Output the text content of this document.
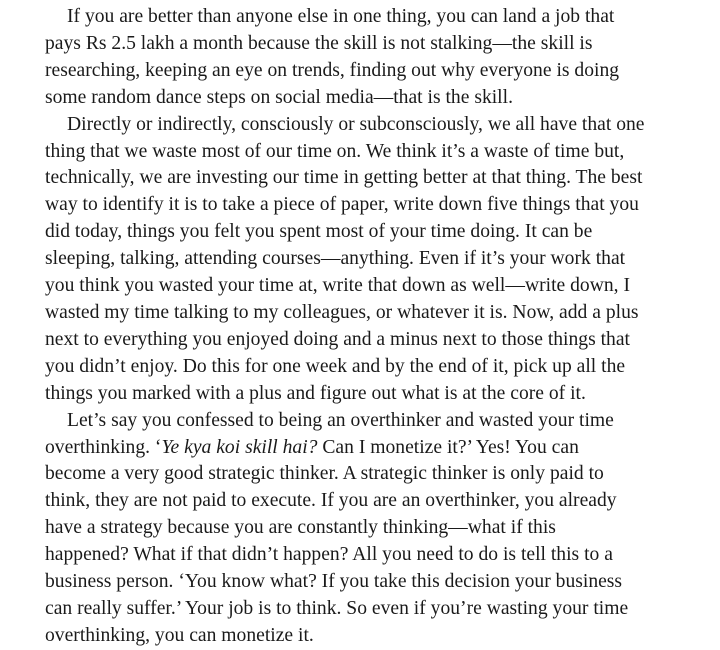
If you are better than anyone else in one thing, you can land a job that
pays Rs 2.5 lakh a month because the skill is not stalking—the skill is
researching, keeping an eye on trends, finding out why everyone is doing
some random dance steps on social media—that is the skill.

Directly or indirectly, consciously or subconsciously, we all have that one
thing that we waste most of our time on. We think it’s a waste of time but,
technically, we are investing our time in getting better at that thing. The best
way to identify it is to take a piece of paper, write down five things that you
did today, things you felt you spent most of your time doing. It can be
sleeping, talking, attending courses—anything. Even if it’s your work that
you think you wasted your time at, write that down as well—write down, I
wasted my time talking to my colleagues, or whatever it is. Now, add a plus
next to everything you enjoyed doing and a minus next to those things that
you didn’t enjoy. Do this for one week and by the end of it, pick up all the
things you marked with a plus and figure out what is at the core of it.

Let’s say you confessed to being an overthinker and wasted your time
overthinking. ‘Ye kya koi skill hai? Can I monetize it?’ Yes! You can
become a very good strategic thinker. A strategic thinker is only paid to
think, they are not paid to execute. If you are an overthinker, you already
have a strategy because you are constantly thinking—what if this
happened? What if that didn’t happen? All you need to do is tell this to a
business person. ‘You know what? If you take this decision your business
can really suffer.’ Your job is to think. So even if you’re wasting your time
overthinking, you can monetize it.
